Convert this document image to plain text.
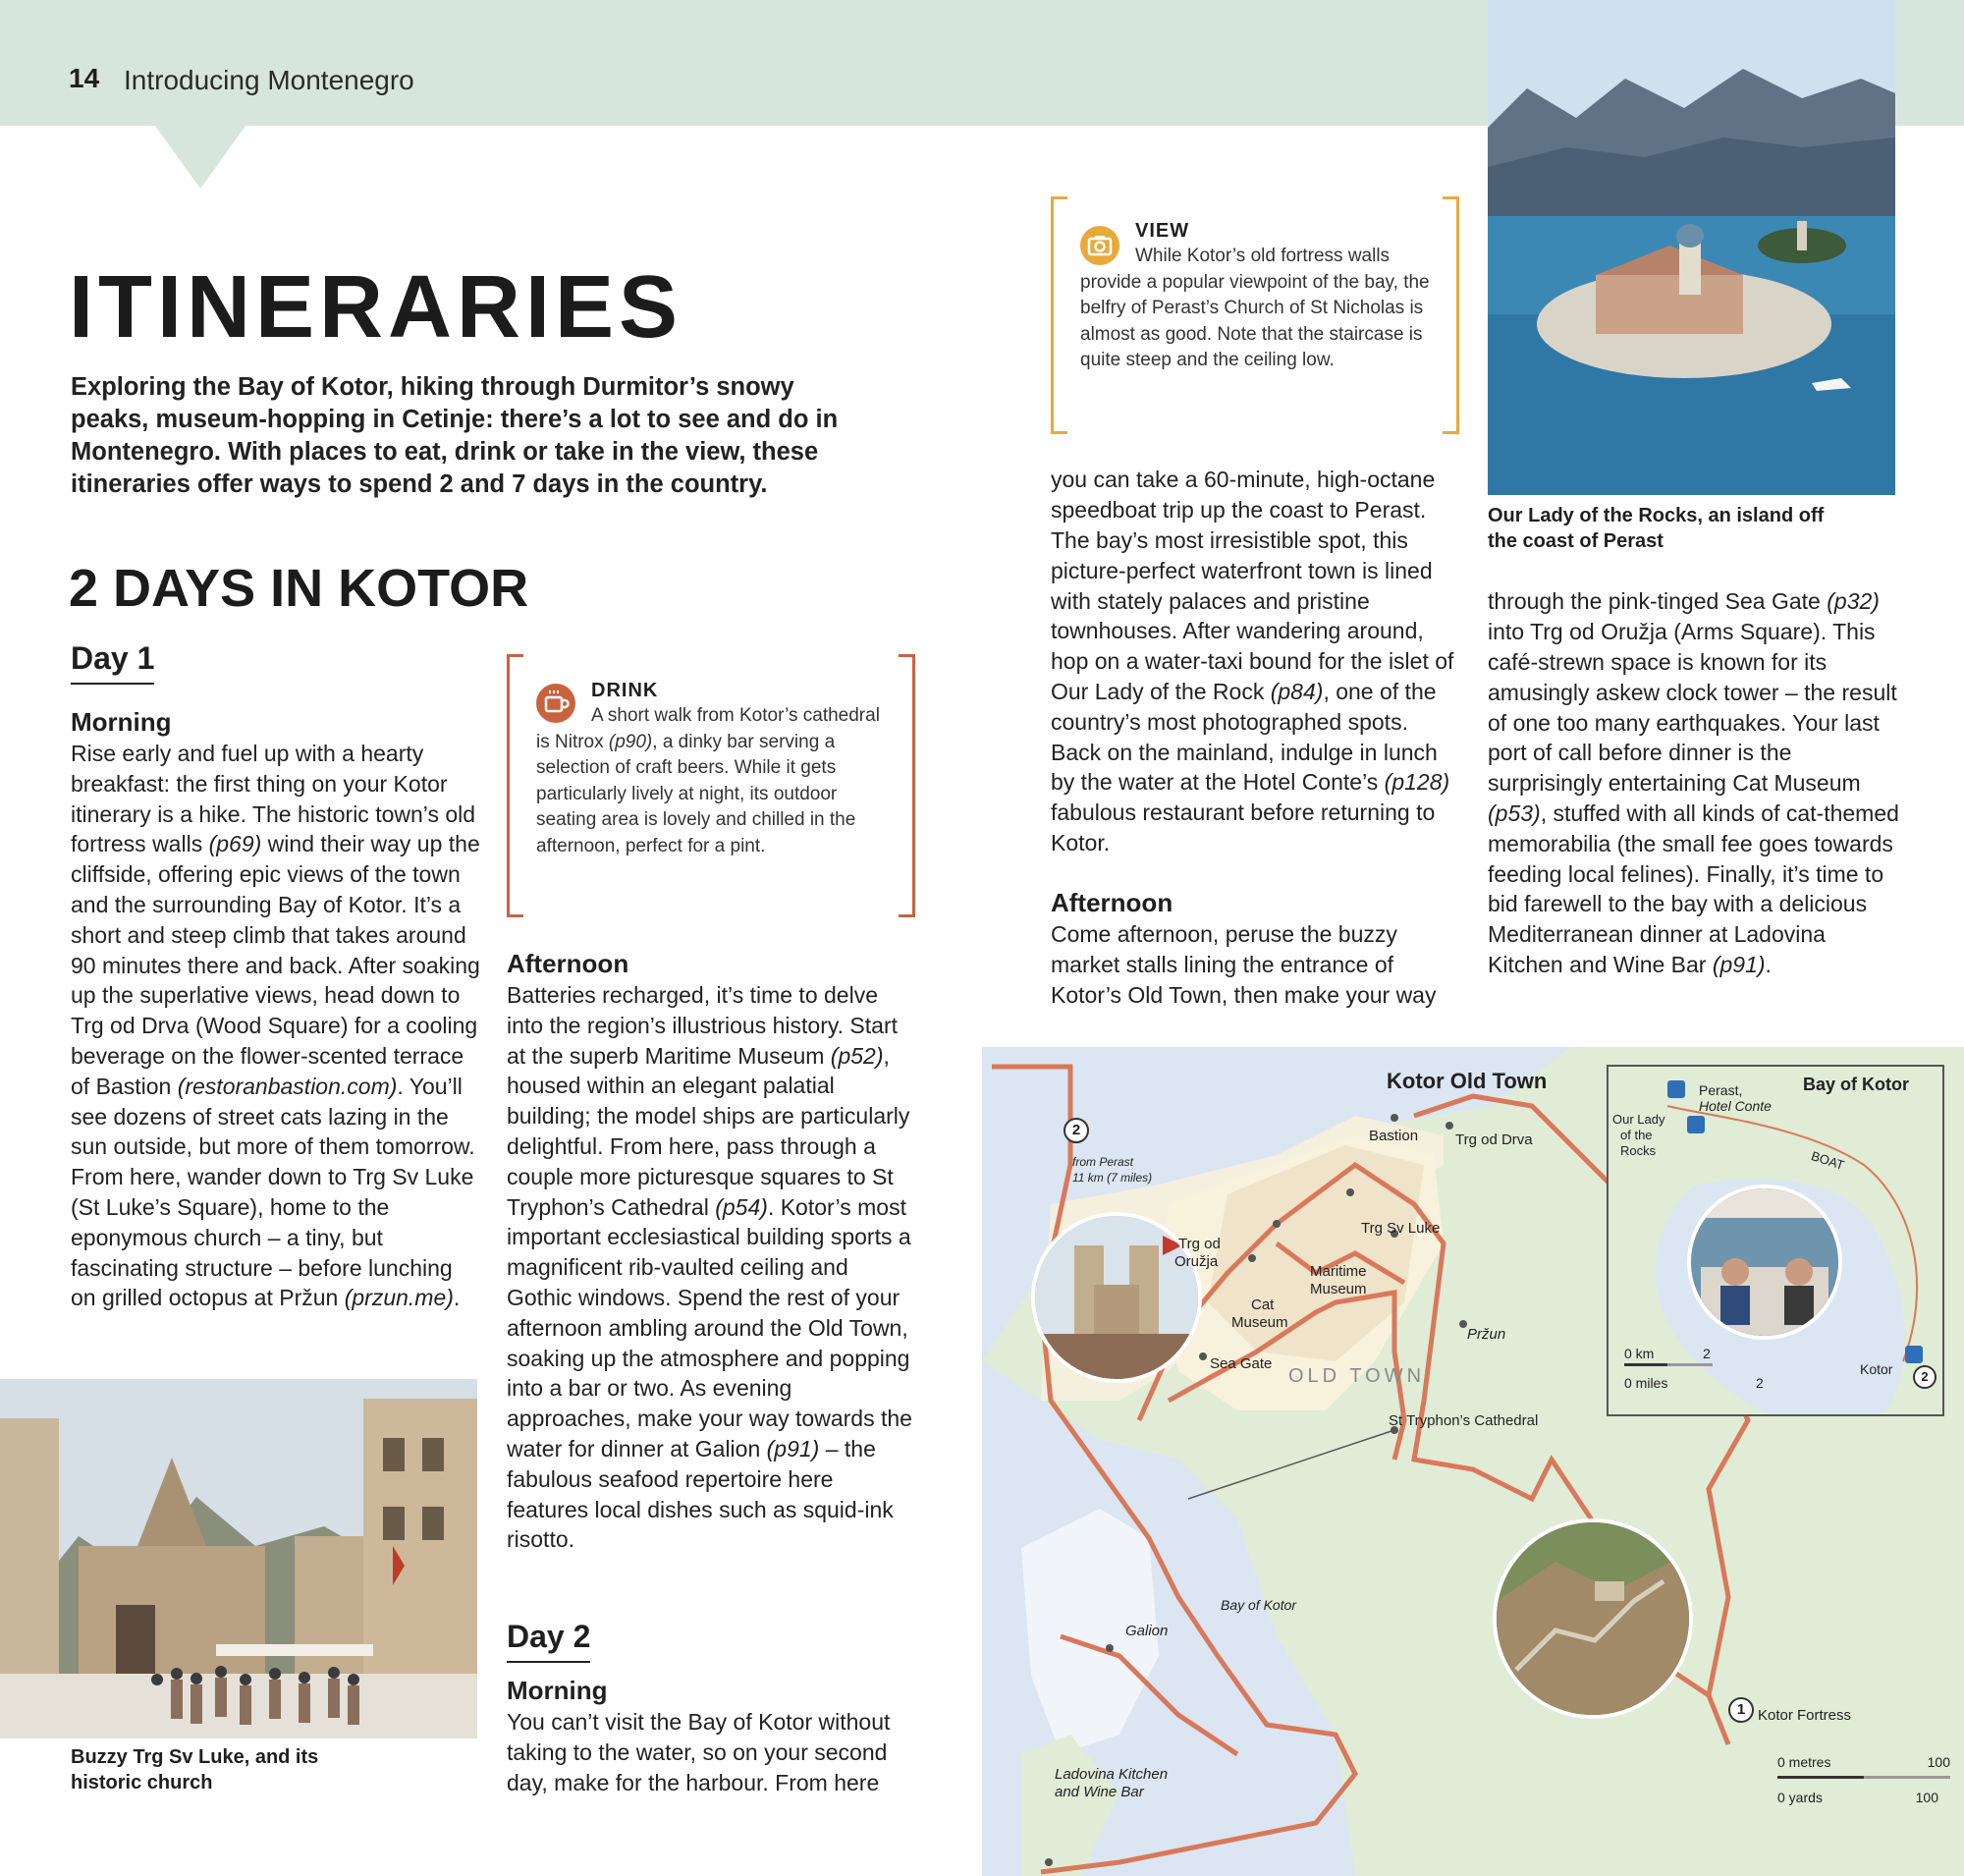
14 Introducing Montenegro
ITINERARIES
Exploring the Bay of Kotor, hiking through Durmitor’s snowy peaks, museum-hopping in Cetinje: there’s a lot to see and do in Montenegro. With places to eat, drink or take in the view, these itineraries offer ways to spend 2 and 7 days in the country.
2 DAYS IN KOTOR
Day 1
Morning
Rise early and fuel up with a hearty breakfast: the first thing on your Kotor itinerary is a hike. The historic town’s old fortress walls (p69) wind their way up the cliffside, offering epic views of the town and the surrounding Bay of Kotor. It’s a short and steep climb that takes around 90 minutes there and back. After soaking up the superlative views, head down to Trg od Drva (Wood Square) for a cooling beverage on the flower-scented terrace of Bastion (restoranbastion.com). You’ll see dozens of street cats lazing in the sun outside, but more of them tomorrow. From here, wander down to Trg Sv Luke (St Luke’s Square), home to the eponymous church – a tiny, but fascinating structure – before lunching on grilled octopus at Pržun (przun.me).
Buzzy Trg Sv Luke, and its historic church
DRINK
A short walk from Kotor’s cathedral is Nitrox (p90), a dinky bar serving a selection of craft beers. While it gets particularly lively at night, its outdoor seating area is lovely and chilled in the afternoon, perfect for a pint.
Afternoon
Batteries recharged, it’s time to delve into the region’s illustrious history. Start at the superb Maritime Museum (p52), housed within an elegant palatial building; the model ships are particularly delightful. From here, pass through a couple more picturesque squares to St Tryphon’s Cathedral (p54). Kotor’s most important ecclesiastical building sports a magnificent rib-vaulted ceiling and Gothic windows. Spend the rest of your afternoon ambling around the Old Town, soaking up the atmosphere and popping into a bar or two. As evening approaches, make your way towards the water for dinner at Galion (p91) – the fabulous seafood repertoire here features local dishes such as squid-ink risotto.
Day 2
Morning
You can’t visit the Bay of Kotor without taking to the water, so on your second day, make for the harbour. From here
you can take a 60-minute, high-octane speedboat trip up the coast to Perast. The bay’s most irresistible spot, this picture-perfect waterfront town is lined with stately palaces and pristine townhouses. After wandering around, hop on a water-taxi bound for the islet of Our Lady of the Rock (p84), one of the country’s most photographed spots. Back on the mainland, indulge in lunch by the water at the Hotel Conte’s (p128) fabulous restaurant before returning to Kotor.
VIEW
While Kotor’s old fortress walls provide a popular viewpoint of the bay, the belfry of Perast’s Church of St Nicholas is almost as good. Note that the staircase is quite steep and the ceiling low.
Afternoon
Come afternoon, peruse the buzzy market stalls lining the entrance of Kotor’s Old Town, then make your way
Our Lady of the Rocks, an island off the coast of Perast
through the pink-tinged Sea Gate (p32) into Trg od Oružja (Arms Square). This café-strewn space is known for its amusingly askew clock tower – the result of one too many earthquakes. Your last port of call before dinner is the surprisingly entertaining Cat Museum (p53), stuffed with all kinds of cat-themed memorabilia (the small fee goes towards feeding local felines). Finally, it’s time to bid farewell to the bay with a delicious Mediterranean dinner at Ladovina Kitchen and Wine Bar (p91).
Kotor Old Town
OLD TOWN
Bay of Kotor
2
from Perast
11 km (7 miles)
1
Bastion	Trg od Drva
Trg Sv Luke
Trg od
Oružja
Maritime
Museum
Cat
Museum
Pržun
Sea Gate
St Tryphon’s Cathedral
Galion
Kotor Fortress
Ladovina Kitchen
and Wine Bar
0 metres	100
0 yards	100
Bay of Kotor
Perast,
Hotel Conte
Our Lady
of the
Rocks	BOAT
Kotor	2
0 km	2
0 miles	2
